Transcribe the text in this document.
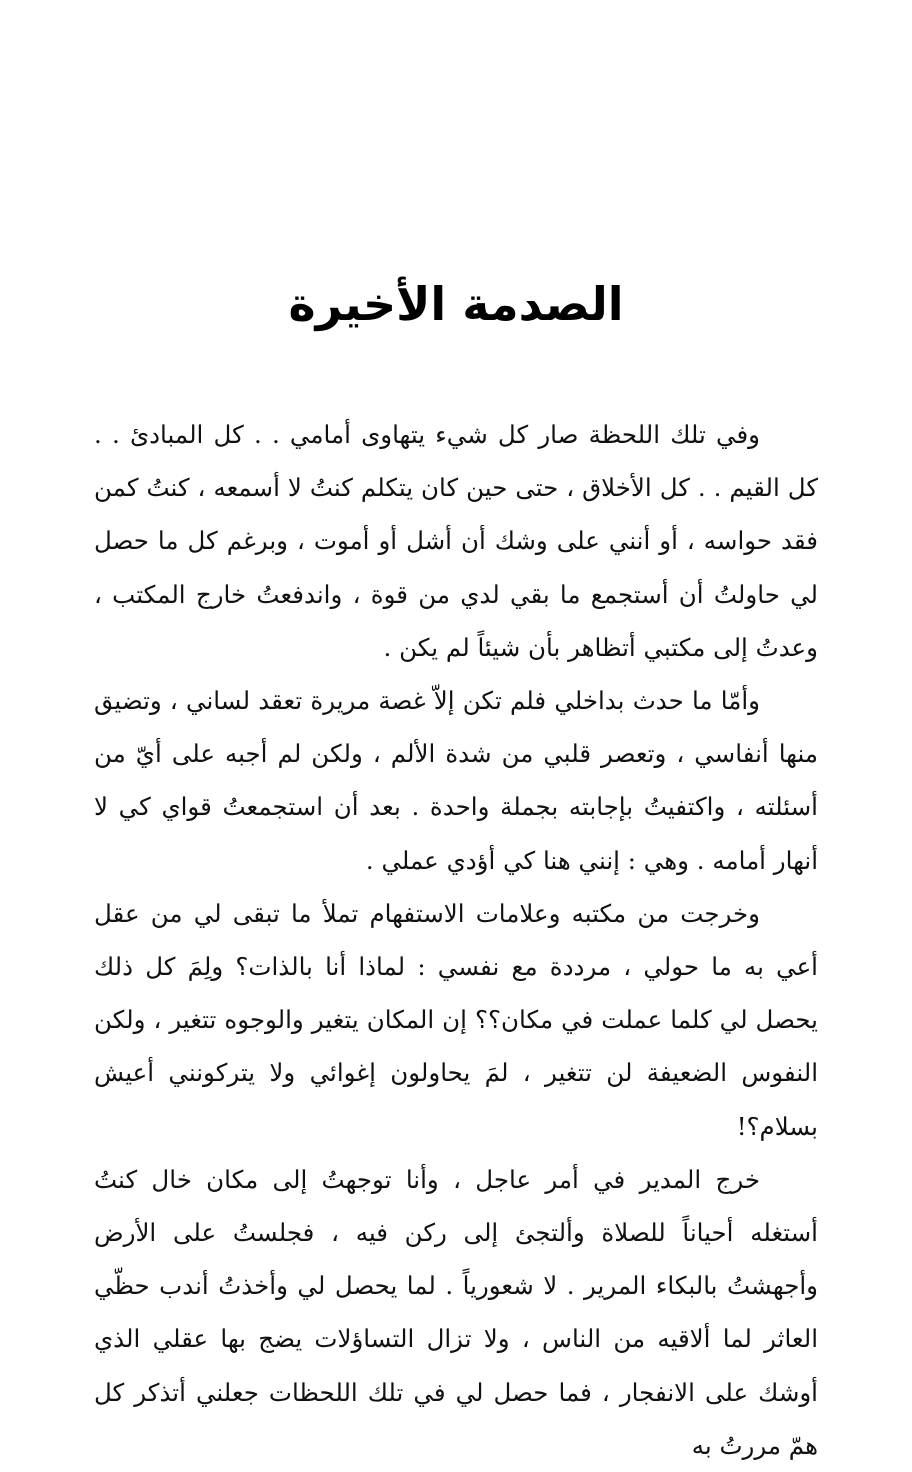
الصدمة الأخيرة

وفي تلك اللحظة صار كل شيء يتهاوى أمامي . . كل المبادئ . . كل القيم . . كل الأخلاق ، حتى حين كان يتكلم كنتُ لا أسمعه ، كنتُ كمن فقد حواسه ، أو أنني على وشك أن أشل أو أموت ، وبرغم كل ما حصل لي حاولتُ أن أستجمع ما بقي لدي من قوة ، واندفعتُ خارج المكتب ، وعدتُ إلى مكتبي أتظاهر بأن شيئاً لم يكن .

وأمّا ما حدث بداخلي فلم تكن إلاّ غصة مريرة تعقد لساني ، وتضيق منها أنفاسي ، وتعصر قلبي من شدة الألم ، ولكن لم أجبه على أيّ من أسئلته ، واكتفيتُ بإجابته بجملة واحدة . بعد أن استجمعتُ قواي كي لا أنهار أمامه . وهي : إنني هنا كي أؤدي عملي .

وخرجت من مكتبه وعلامات الاستفهام تملأ ما تبقى لي من عقل أعي به ما حولي ، مرددة مع نفسي : لماذا أنا بالذات؟ ولِمَ كل ذلك يحصل لي كلما عملت في مكان؟؟ إن المكان يتغير والوجوه تتغير ، ولكن النفوس الضعيفة لن تتغير ، لمَ يحاولون إغوائي ولا يتركونني أعيش بسلام؟!

خرج المدير في أمر عاجل ، وأنا توجهتُ إلى مكان خال كنتُ أستغله أحياناً للصلاة وألتجئ إلى ركن فيه ، فجلستُ على الأرض وأجهشتُ بالبكاء المرير . لا شعورياً . لما يحصل لي وأخذتُ أندب حظّي العاثر لما ألاقيه من الناس ، ولا تزال التساؤلات يضج بها عقلي الذي أوشك على الانفجار ، فما حصل لي في تلك اللحظات جعلني أتذكر كل همّ مررتُ به
